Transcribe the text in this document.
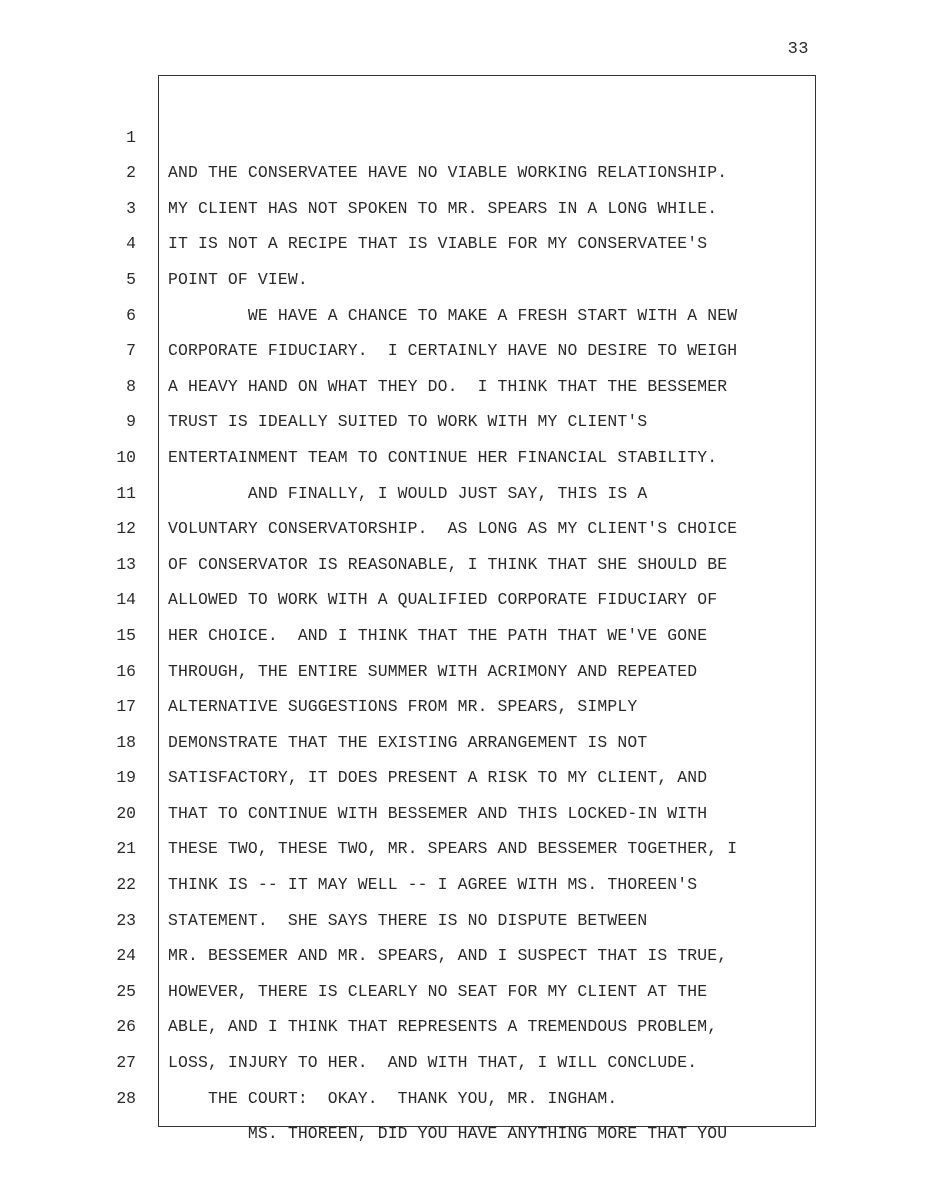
33

1

AND THE CONSERVATEE HAVE NO VIABLE WORKING RELATIONSHIP.

2

MY CLIENT HAS NOT SPOKEN TO MR. SPEARS IN A LONG WHILE.

3

IT IS NOT A RECIPE THAT IS VIABLE FOR MY CONSERVATEE'S

4

POINT OF VIEW.

5

WE HAVE A CHANCE TO MAKE A FRESH START WITH A NEW

6

CORPORATE FIDUCIARY.  I CERTAINLY HAVE NO DESIRE TO WEIGH

7

A HEAVY HAND ON WHAT THEY DO.  I THINK THAT THE BESSEMER

8

TRUST IS IDEALLY SUITED TO WORK WITH MY CLIENT'S

9

ENTERTAINMENT TEAM TO CONTINUE HER FINANCIAL STABILITY.

10

AND FINALLY, I WOULD JUST SAY, THIS IS A

11

VOLUNTARY CONSERVATORSHIP.  AS LONG AS MY CLIENT'S CHOICE

12

OF CONSERVATOR IS REASONABLE, I THINK THAT SHE SHOULD BE

13

ALLOWED TO WORK WITH A QUALIFIED CORPORATE FIDUCIARY OF

14

HER CHOICE.  AND I THINK THAT THE PATH THAT WE'VE GONE

15

THROUGH, THE ENTIRE SUMMER WITH ACRIMONY AND REPEATED

16

ALTERNATIVE SUGGESTIONS FROM MR. SPEARS, SIMPLY

17

DEMONSTRATE THAT THE EXISTING ARRANGEMENT IS NOT

18

SATISFACTORY, IT DOES PRESENT A RISK TO MY CLIENT, AND

19

THAT TO CONTINUE WITH BESSEMER AND THIS LOCKED-IN WITH

20

THESE TWO, THESE TWO, MR. SPEARS AND BESSEMER TOGETHER, I

21

THINK IS -- IT MAY WELL -- I AGREE WITH MS. THOREEN'S

22

STATEMENT.  SHE SAYS THERE IS NO DISPUTE BETWEEN

23

MR. BESSEMER AND MR. SPEARS, AND I SUSPECT THAT IS TRUE,

24

HOWEVER, THERE IS CLEARLY NO SEAT FOR MY CLIENT AT THE

25

ABLE, AND I THINK THAT REPRESENTS A TREMENDOUS PROBLEM,

26

LOSS, INJURY TO HER.  AND WITH THAT, I WILL CONCLUDE.

27

THE COURT:  OKAY.  THANK YOU, MR. INGHAM.

28

MS. THOREEN, DID YOU HAVE ANYTHING MORE THAT YOU
